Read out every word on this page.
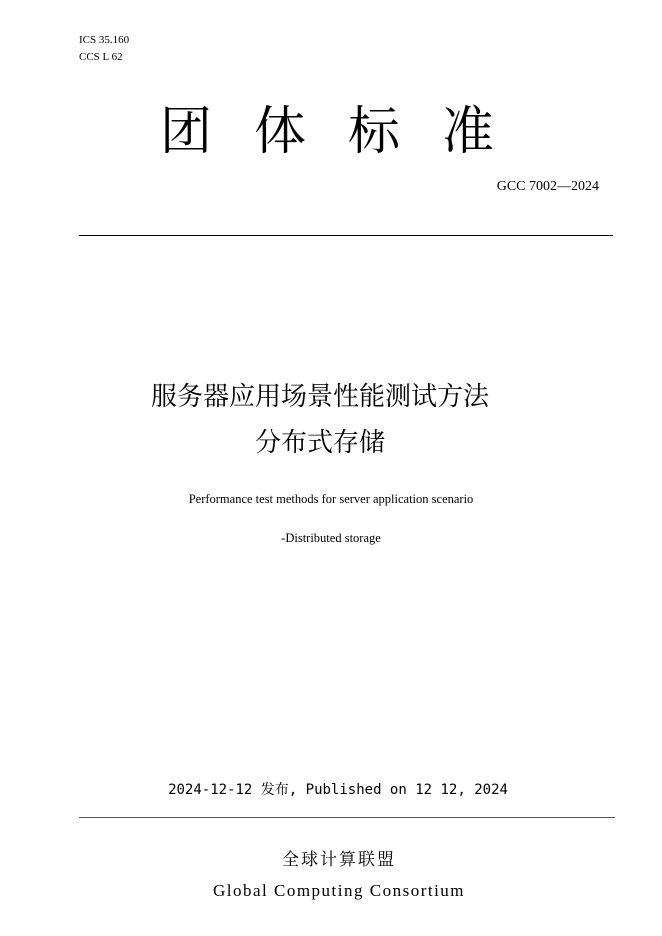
ICS 35.160
CCS L 62
团体标准
GCC 7002—2024
服务器应用场景性能测试方法
分布式存储
Performance test methods for server application scenario
-Distributed storage
2024-12-12 发布, Published on 12 12, 2024
全球计算联盟
Global Computing Consortium
